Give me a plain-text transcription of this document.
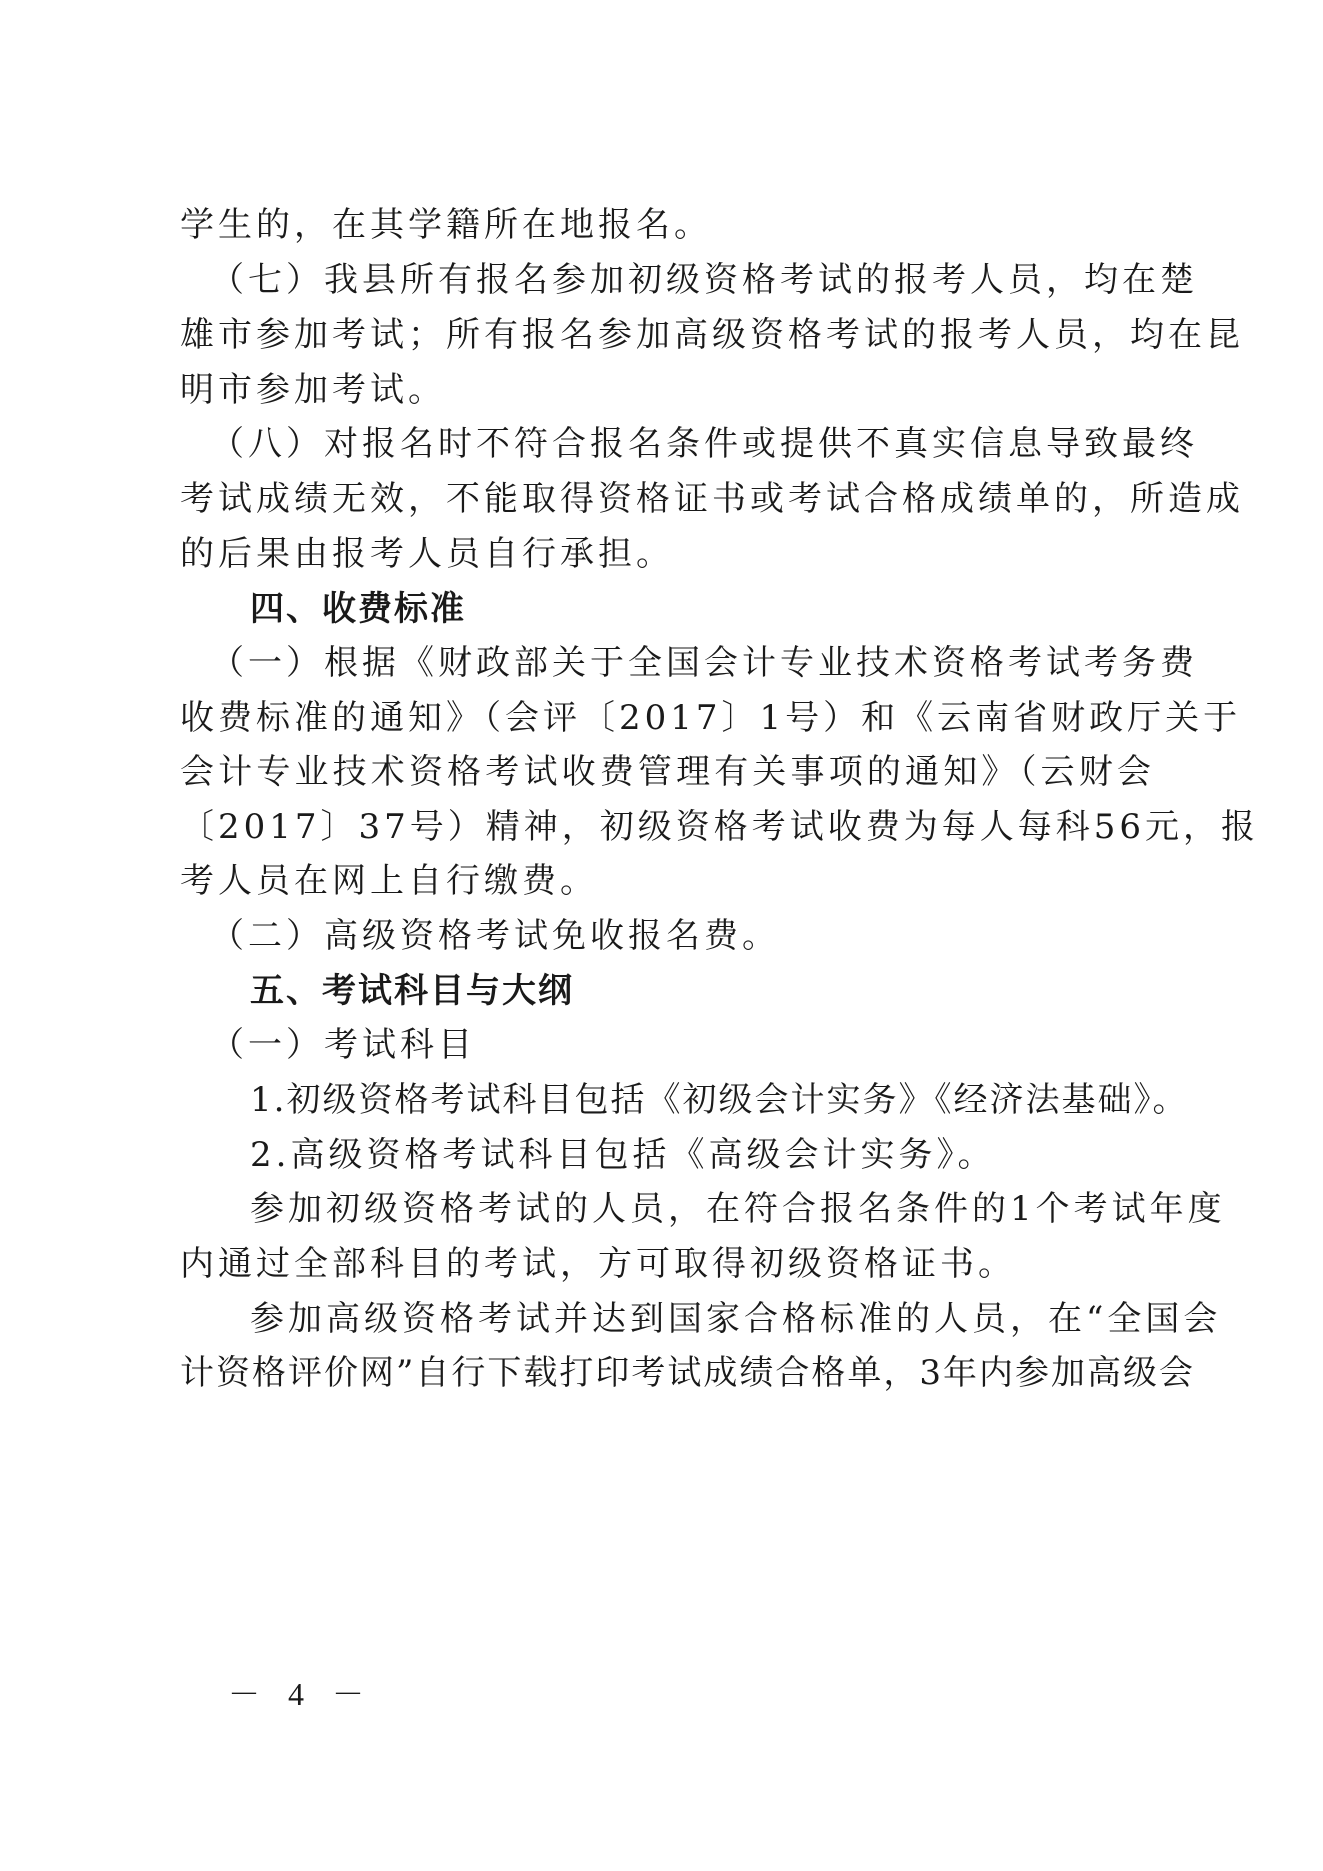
学生的，在其学籍所在地报名。
（七）我县所有报名参加初级资格考试的报考人员，均在楚
雄市参加考试；所有报名参加高级资格考试的报考人员，均在昆
明市参加考试。
（八）对报名时不符合报名条件或提供不真实信息导致最终
考试成绩无效，不能取得资格证书或考试合格成绩单的，所造成
的后果由报考人员自行承担。
四、收费标准
（一）根据《财政部关于全国会计专业技术资格考试考务费
收费标准的通知》（会评〔2017〕1号）和《云南省财政厅关于
会计专业技术资格考试收费管理有关事项的通知》（云财会
〔2017〕37号）精神，初级资格考试收费为每人每科56元，报
考人员在网上自行缴费。
（二）高级资格考试免收报名费。
五、考试科目与大纲
（一）考试科目
1.初级资格考试科目包括《初级会计实务》《经济法基础》。
2.高级资格考试科目包括《高级会计实务》。
参加初级资格考试的人员，在符合报名条件的1个考试年度
内通过全部科目的考试，方可取得初级资格证书。
参加高级资格考试并达到国家合格标准的人员，在“全国会
计资格评价网”自行下载打印考试成绩合格单，3年内参加高级会
－ 4 －
